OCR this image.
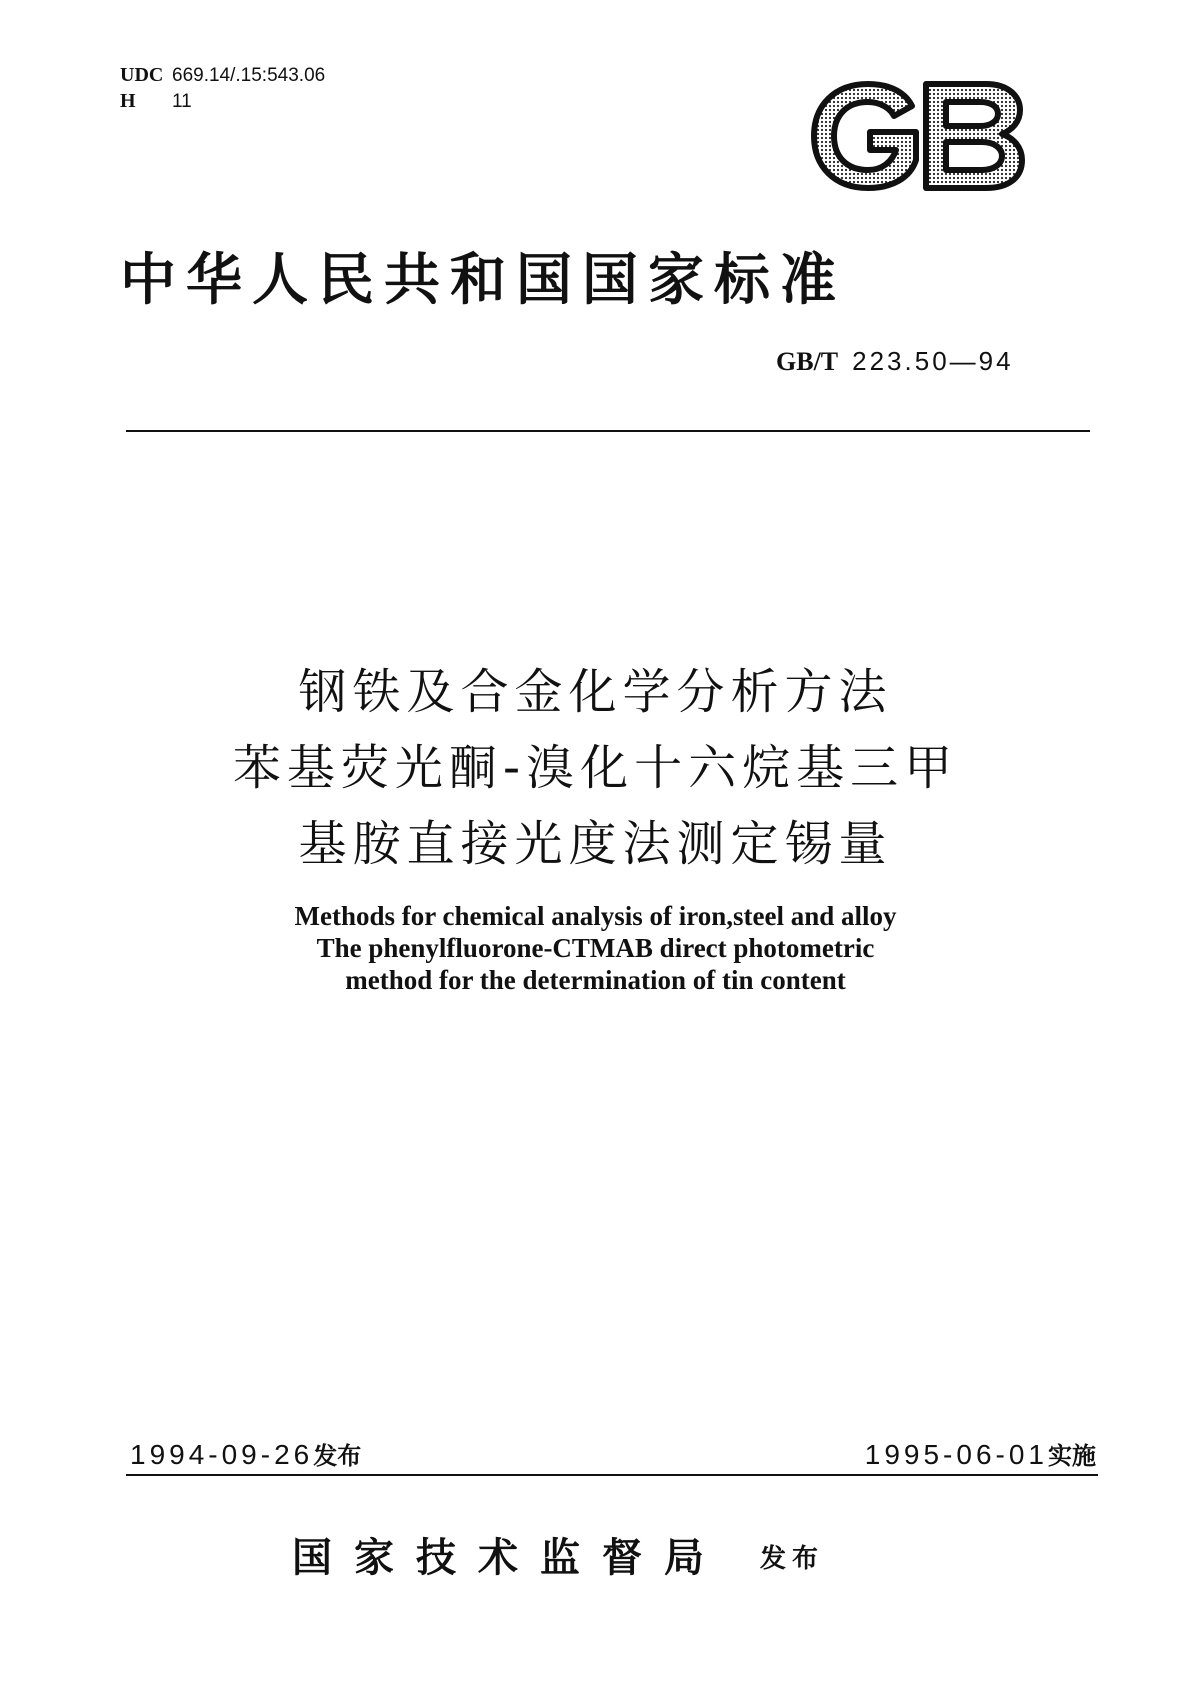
UDC 669.14/.15:543.06
H 11
中华人民共和国国家标准
GB/T 223.50—94
钢铁及合金化学分析方法
苯基荧光酮-溴化十六烷基三甲
基胺直接光度法测定锡量
Methods for chemical analysis of iron,steel and alloy
The phenylfluorone-CTMAB direct photometric
method for the determination of tin content
1994-09-26发布	1995-06-01实施
国家技术监督局 发布
